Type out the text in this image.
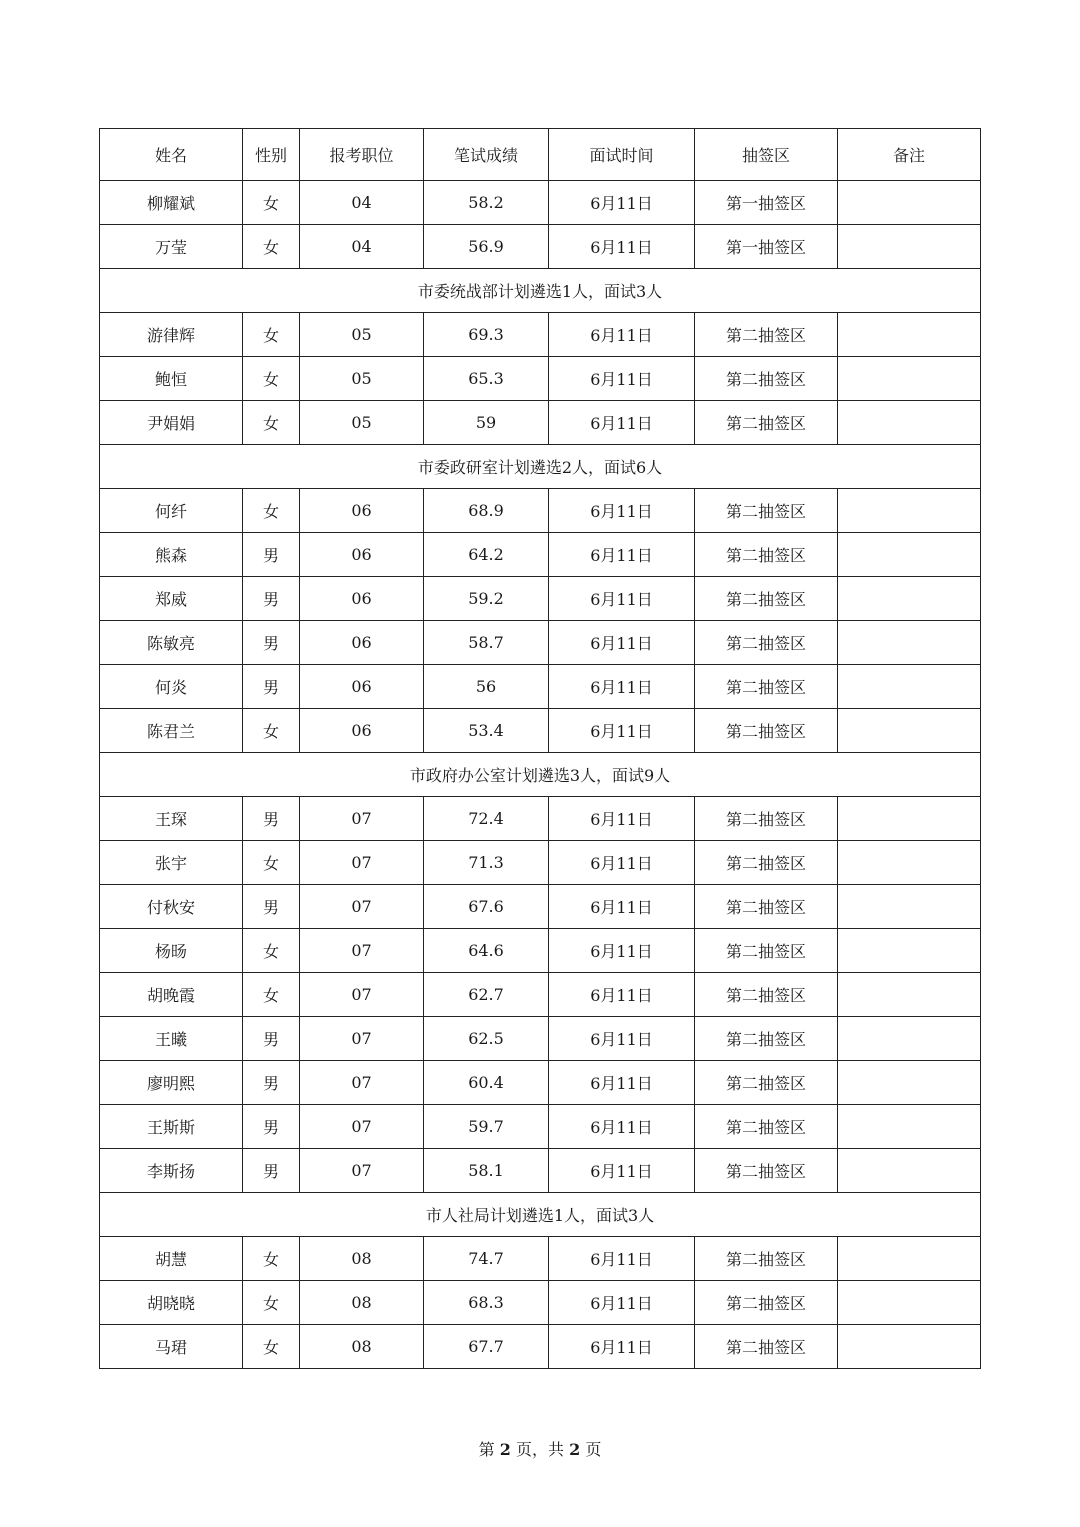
姓名	性别	报考职位	笔试成绩	面试时间	抽签区	备注
柳耀斌	女	04	58.2	6月11日	第一抽签区	
万莹	女	04	56.9	6月11日	第一抽签区	
市委统战部计划遴选1人，面试3人						
游律辉	女	05	69.3	6月11日	第二抽签区	
鲍恒	女	05	65.3	6月11日	第二抽签区	
尹娟娟	女	05	59	6月11日	第二抽签区	
市委政研室计划遴选2人，面试6人						
何纤	女	06	68.9	6月11日	第二抽签区	
熊森	男	06	64.2	6月11日	第二抽签区	
郑威	男	06	59.2	6月11日	第二抽签区	
陈敏亮	男	06	58.7	6月11日	第二抽签区	
何炎	男	06	56	6月11日	第二抽签区	
陈君兰	女	06	53.4	6月11日	第二抽签区	
市政府办公室计划遴选3人，面试9人						
王琛	男	07	72.4	6月11日	第二抽签区	
张宇	女	07	71.3	6月11日	第二抽签区	
付秋安	男	07	67.6	6月11日	第二抽签区	
杨旸	女	07	64.6	6月11日	第二抽签区	
胡晚霞	女	07	62.7	6月11日	第二抽签区	
王曦	男	07	62.5	6月11日	第二抽签区	
廖明熙	男	07	60.4	6月11日	第二抽签区	
王斯斯	男	07	59.7	6月11日	第二抽签区	
李斯扬	男	07	58.1	6月11日	第二抽签区	
市人社局计划遴选1人，面试3人						
胡慧	女	08	74.7	6月11日	第二抽签区	
胡晓晓	女	08	68.3	6月11日	第二抽签区	
马珺	女	08	67.7	6月11日	第二抽签区	
第 2 页，共 2 页
